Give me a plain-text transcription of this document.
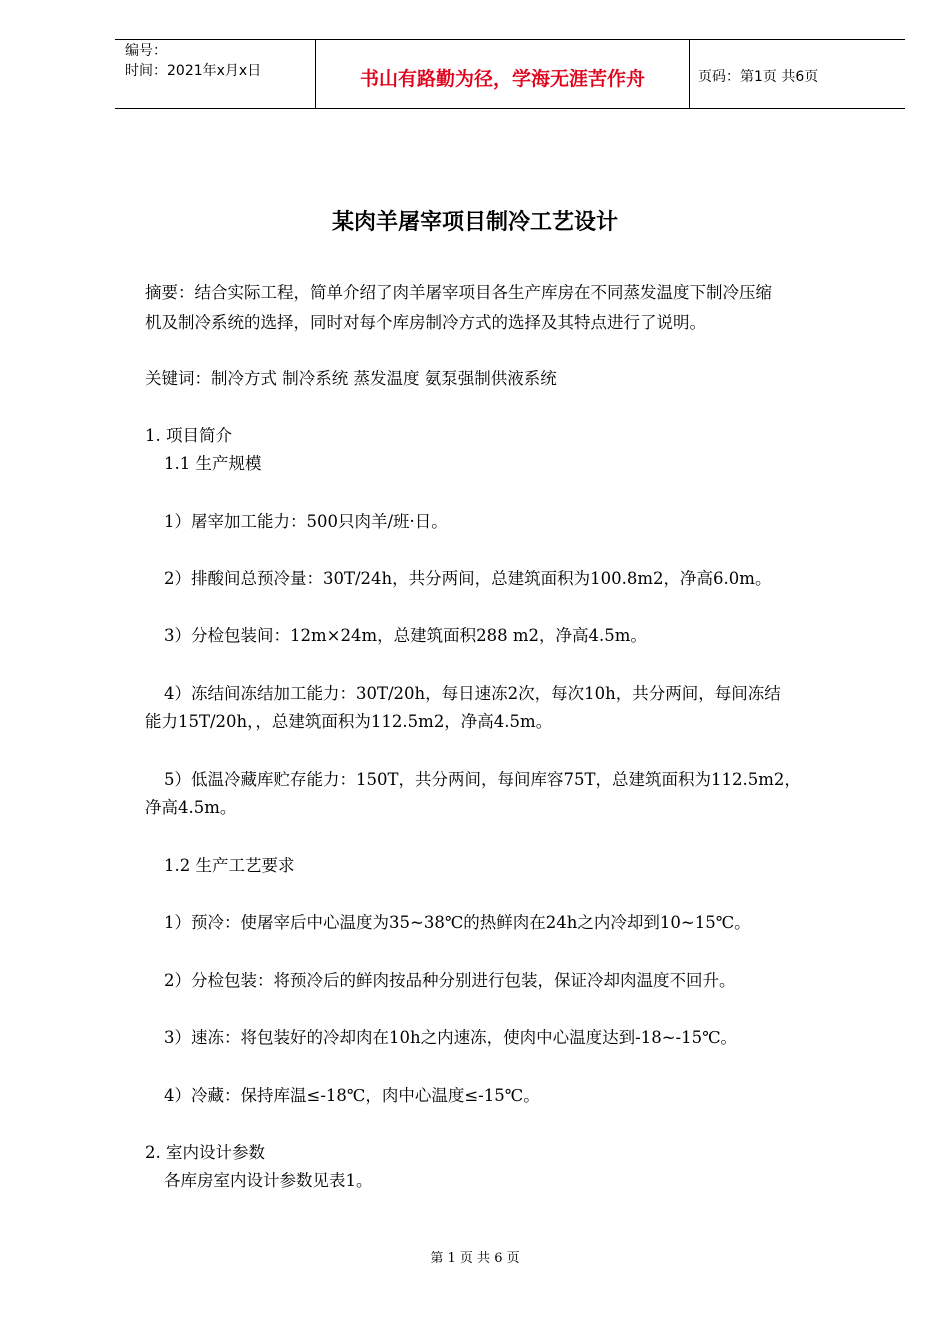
编号：
时间：2021年x月x日	书山有路勤为径，学海无涯苦作舟	页码：第1页 共6页
某肉羊屠宰项目制冷工艺设计
摘要：结合实际工程，简单介绍了肉羊屠宰项目各生产库房在不同蒸发温度下制冷压缩
机及制冷系统的选择，同时对每个库房制冷方式的选择及其特点进行了说明。
关键词：制冷方式 制冷系统 蒸发温度 氨泵强制供液系统
1. 项目简介
1.1 生产规模
1）屠宰加工能力：500只肉羊/班·日。
2）排酸间总预冷量：30T/24h，共分两间，总建筑面积为100.8m2，净高6.0m。
3）分检包装间：12m×24m，总建筑面积288 m2，净高4.5m。
4）冻结间冻结加工能力：30T/20h，每日速冻2次，每次10h，共分两间，每间冻结
能力15T/20h，，总建筑面积为112.5m2，净高4.5m。
5）低温冷藏库贮存能力：150T，共分两间，每间库容75T，总建筑面积为112.5m2，
净高4.5m。
1.2 生产工艺要求
1）预冷：使屠宰后中心温度为35~38℃的热鲜肉在24h之内冷却到10~15℃。
2）分检包装：将预冷后的鲜肉按品种分别进行包装，保证冷却肉温度不回升。
3）速冻：将包装好的冷却肉在10h之内速冻，使肉中心温度达到-18~-15℃。
4）冷藏：保持库温≤-18℃，肉中心温度≤-15℃。
2. 室内设计参数
各库房室内设计参数见表1。
第 1 页 共 6 页
